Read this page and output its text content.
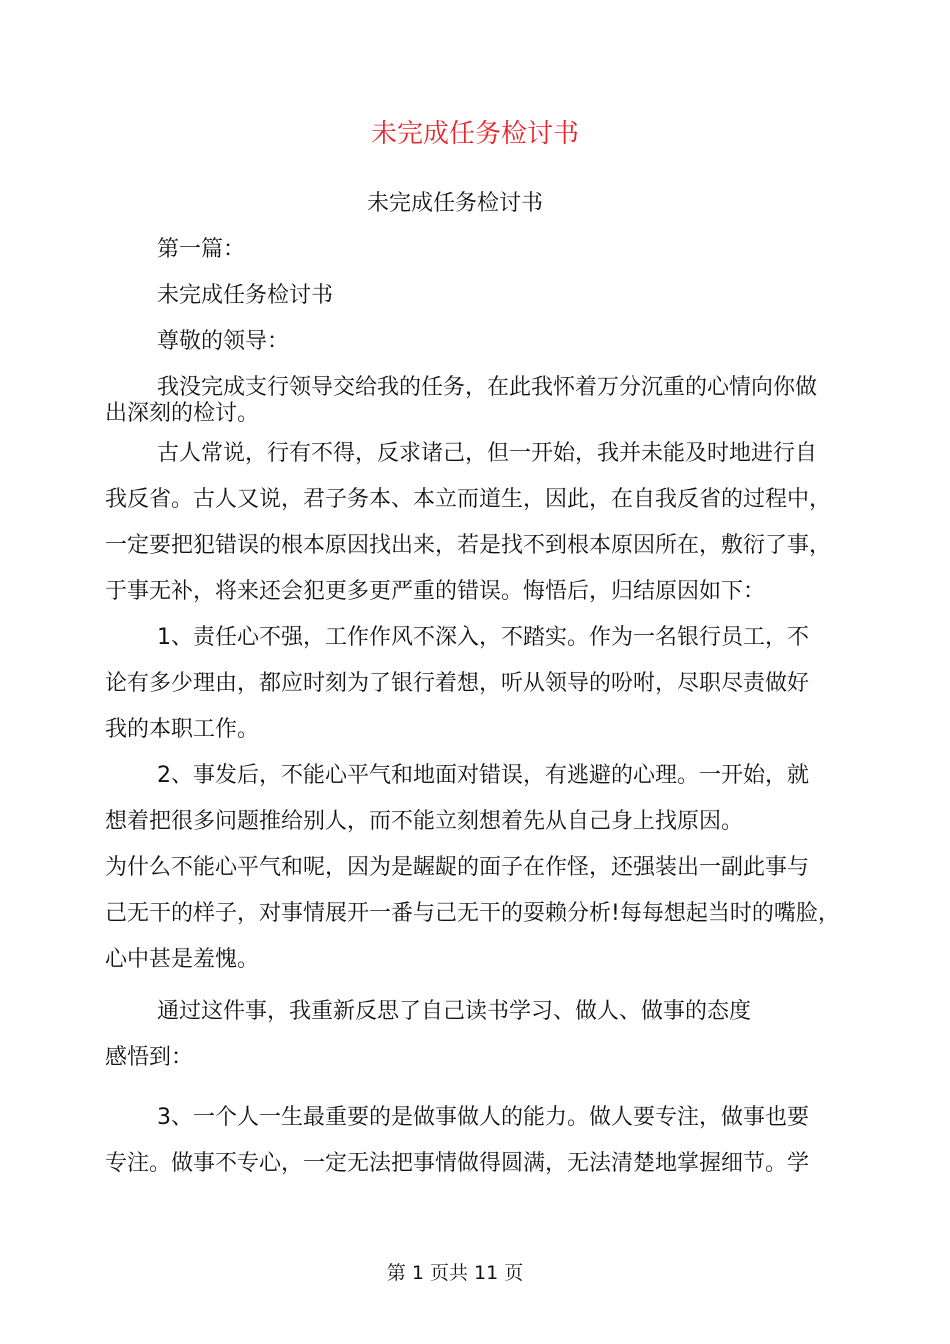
未完成任务检讨书
未完成任务检讨书
第一篇：
未完成任务检讨书
尊敬的领导：
我没完成支行领导交给我的任务，在此我怀着万分沉重的心情向你做
出深刻的检讨。
古人常说，行有不得，反求诸己，但一开始，我并未能及时地进行自
我反省。古人又说，君子务本、本立而道生，因此，在自我反省的过程中，
一定要把犯错误的根本原因找出来，若是找不到根本原因所在，敷衍了事，
于事无补，将来还会犯更多更严重的错误。悔悟后，归结原因如下：
1、责任心不强，工作作风不深入，不踏实。作为一名银行员工，不
论有多少理由，都应时刻为了银行着想，听从领导的吩咐，尽职尽责做好
我的本职工作。
2、事发后，不能心平气和地面对错误，有逃避的心理。一开始，就
想着把很多问题推给别人，而不能立刻想着先从自己身上找原因。
为什么不能心平气和呢，因为是龌龊的面子在作怪，还强装出一副此事与
己无干的样子，对事情展开一番与己无干的耍赖分析!每每想起当时的嘴脸，
心中甚是羞愧。
通过这件事，我重新反思了自己读书学习、做人、做事的态度
感悟到：
3、一个人一生最重要的是做事做人的能力。做人要专注，做事也要
专注。做事不专心，一定无法把事情做得圆满，无法清楚地掌握细节。学
第 1 页共 11 页
